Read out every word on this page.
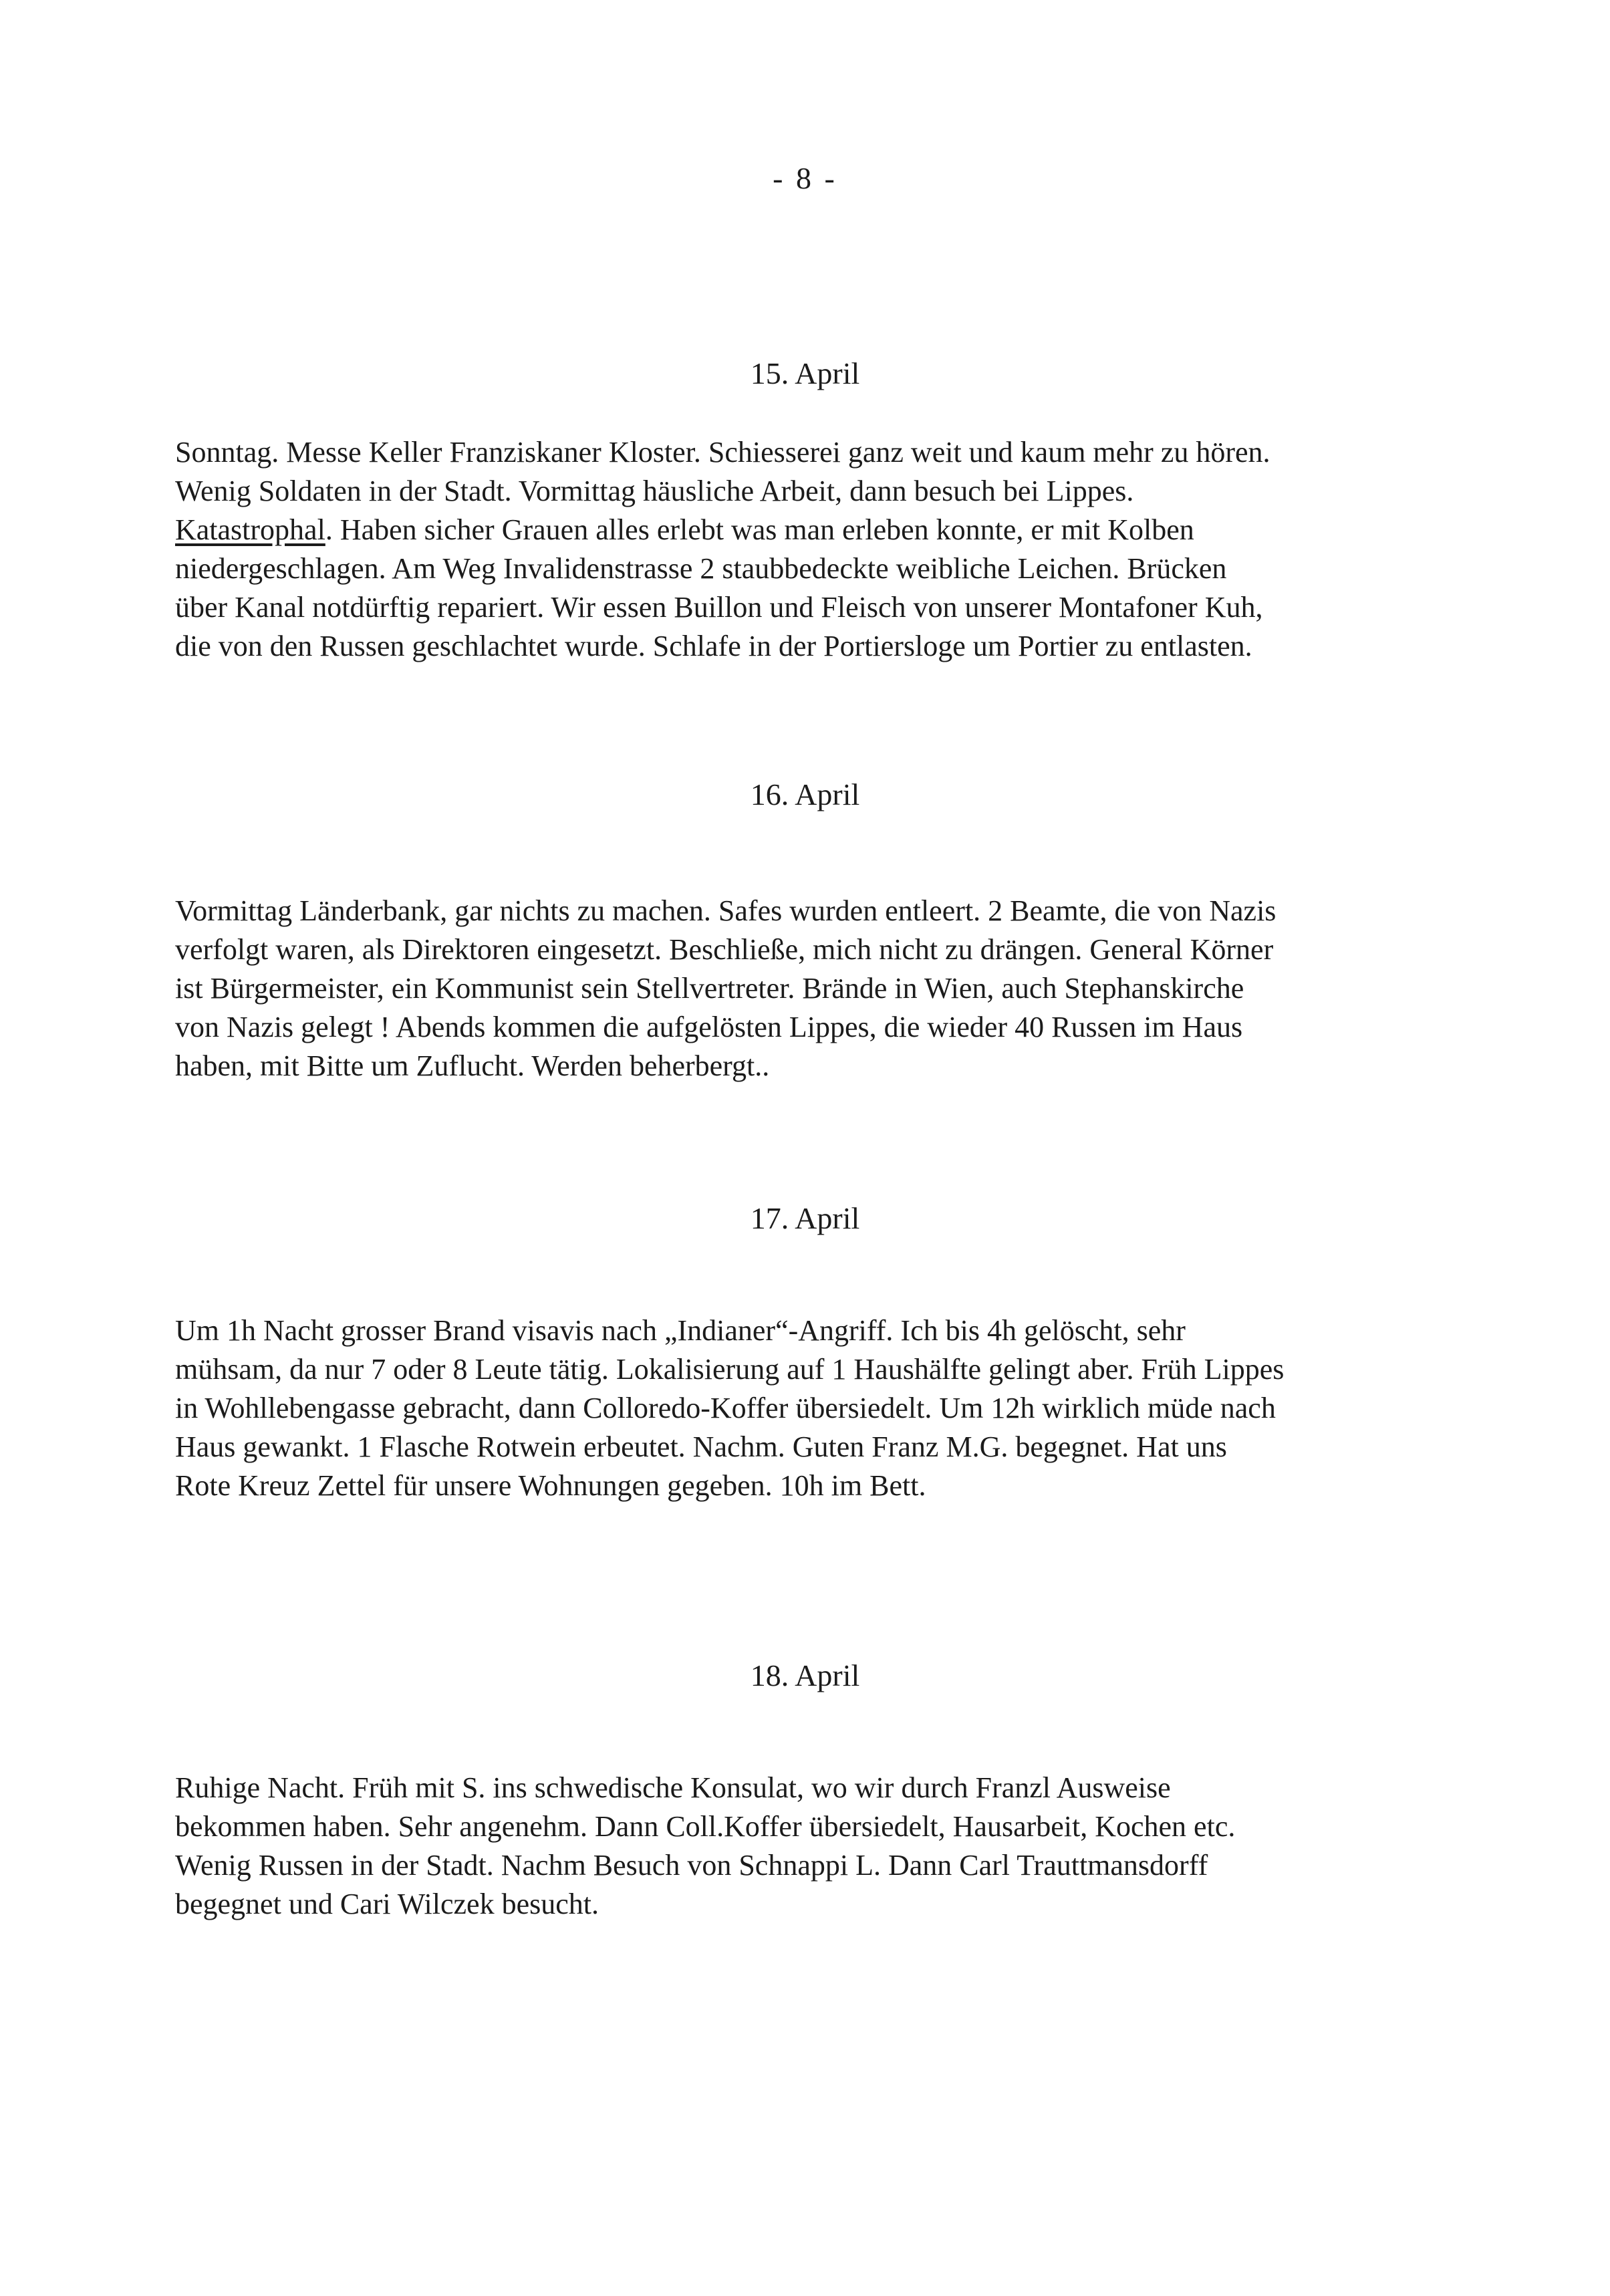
- 8 -
15. April
Sonntag. Messe Keller Franziskaner Kloster. Schiesserei ganz weit und kaum mehr zu hören.
Wenig Soldaten in der Stadt. Vormittag häusliche Arbeit, dann besuch bei Lippes.
Katastrophal. Haben sicher Grauen alles erlebt was man erleben konnte, er mit Kolben
niedergeschlagen. Am Weg Invalidenstrasse 2 staubbedeckte weibliche Leichen. Brücken
über Kanal notdürftig repariert. Wir essen Buillon und Fleisch von unserer Montafoner Kuh,
die von den Russen geschlachtet wurde. Schlafe in der Portiersloge um Portier zu entlasten.
16. April
Vormittag Länderbank, gar nichts zu machen. Safes wurden entleert. 2 Beamte, die von Nazis
verfolgt waren, als Direktoren eingesetzt. Beschließe, mich nicht zu drängen. General Körner
ist Bürgermeister, ein Kommunist sein Stellvertreter. Brände in Wien, auch Stephanskirche
von Nazis gelegt ! Abends kommen die aufgelösten Lippes, die wieder 40 Russen im Haus
haben, mit Bitte um Zuflucht. Werden beherbergt..
17. April
Um 1h Nacht grosser Brand visavis nach „Indianer“-Angriff. Ich bis 4h gelöscht, sehr
mühsam, da nur 7 oder 8 Leute tätig. Lokalisierung auf 1 Haushälfte gelingt aber. Früh Lippes
in Wohllebengasse gebracht, dann Colloredo-Koffer übersiedelt. Um 12h wirklich müde nach
Haus gewankt. 1 Flasche Rotwein erbeutet. Nachm. Guten Franz M.G. begegnet. Hat uns
Rote Kreuz Zettel für unsere Wohnungen gegeben. 10h im Bett.
18. April
Ruhige Nacht. Früh mit S. ins schwedische Konsulat, wo wir durch Franzl Ausweise
bekommen haben. Sehr angenehm. Dann Coll.Koffer übersiedelt, Hausarbeit, Kochen etc.
Wenig Russen in der Stadt. Nachm Besuch von Schnappi L. Dann Carl Trauttmansdorff
begegnet und Cari Wilczek besucht.
